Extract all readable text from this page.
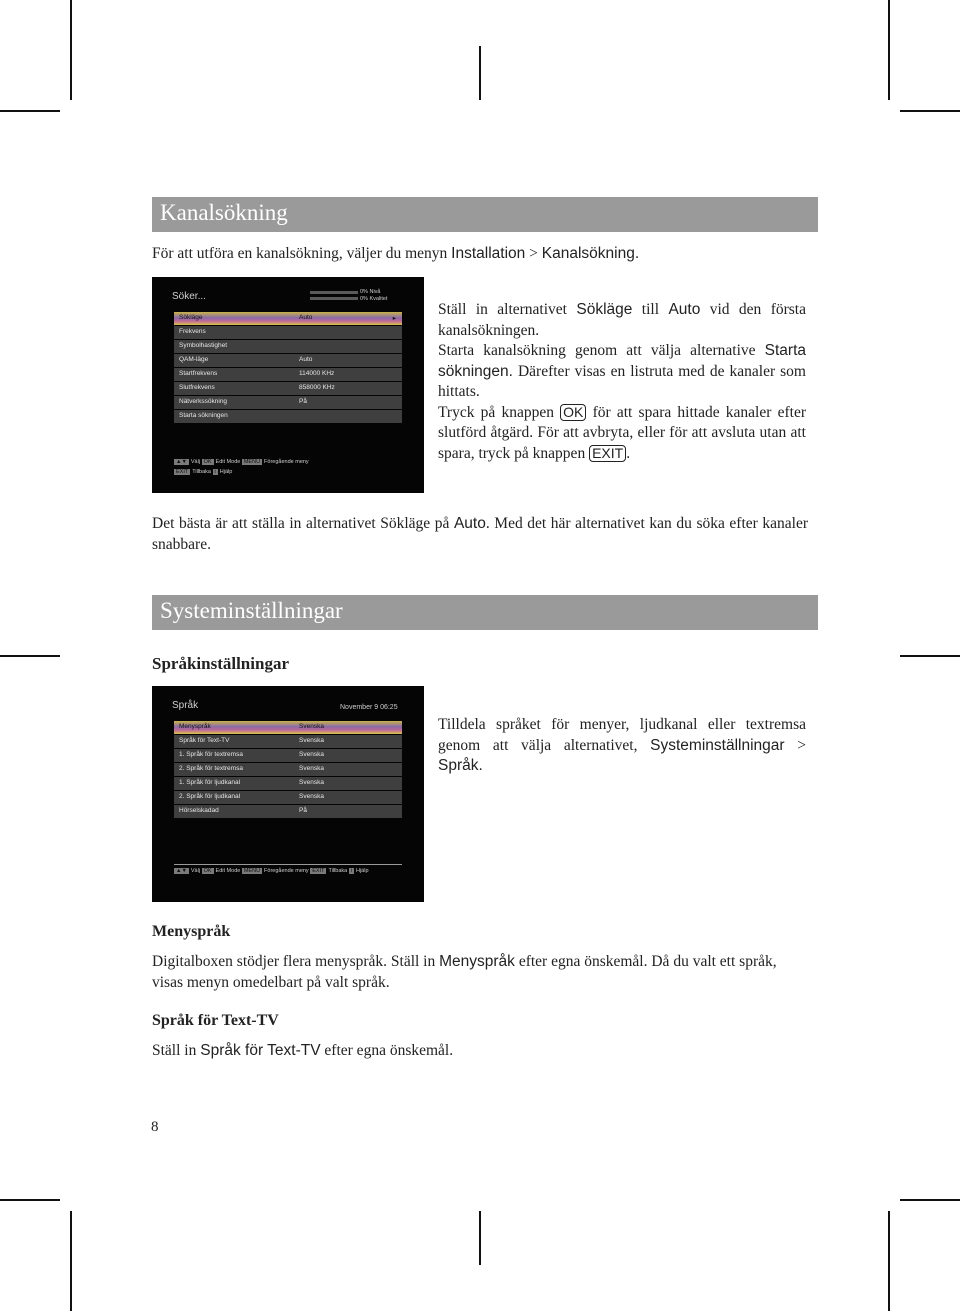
Kanalsökning
För att utföra en kanalsökning, väljer du menyn Installation > Kanalsökning.
Söker...	0% Nivå
0% Kvalitet
Sökläge	Auto	▸
Frekvens
Symbolhastighet
QAM-läge	Auto
Startfrekvens	114000 KHz
Slutfrekvens	858000 KHz
Nätverkssökning	På
Starta sökningen
▲▼ Välj OK Edit Mode MENU Föregående meny
EXIT Tillbaka i Hjälp
Ställ in alternativet Sökläge till Auto vid den första kanalsökningen.
Starta kanalsökning genom att välja alternative Starta sökningen. Därefter visas en listruta med de kanaler som hittats.
Tryck på knappen OK för att spara hittade kanaler efter slutförd åtgärd. För att avbryta, eller för att avsluta utan att spara, tryck på knappen EXIT .
Det bästa är att ställa in alternativet Sökläge på Auto. Med det här alternativet kan du söka efter kanaler snabbare.
Systeminställningar
Språkinställningar
Språk	November 9 06:25
Menyspråk	Svenska
Språk för Text-TV	Svenska
1. Språk för textremsa	Svenska
2. Språk för textremsa	Svenska
1. Språk för ljudkanal	Svenska
2. Språk för ljudkanal	Svenska
Hörselskadad	På
▲▼ Välj OK Edit Mode MENU Föregående meny EXIT Tillbaka i Hjälp
Tilldela språket för menyer, ljudkanal eller textremsa genom att välja alternativet, Systeminställningar > Språk.
Menyspråk
Digitalboxen stödjer flera menyspråk. Ställ in Menyspråk efter egna önskemål. Då du valt ett språk, visas menyn omedelbart på valt språk.
Språk för Text-TV
Ställ in Språk för Text-TV efter egna önskemål.
8
